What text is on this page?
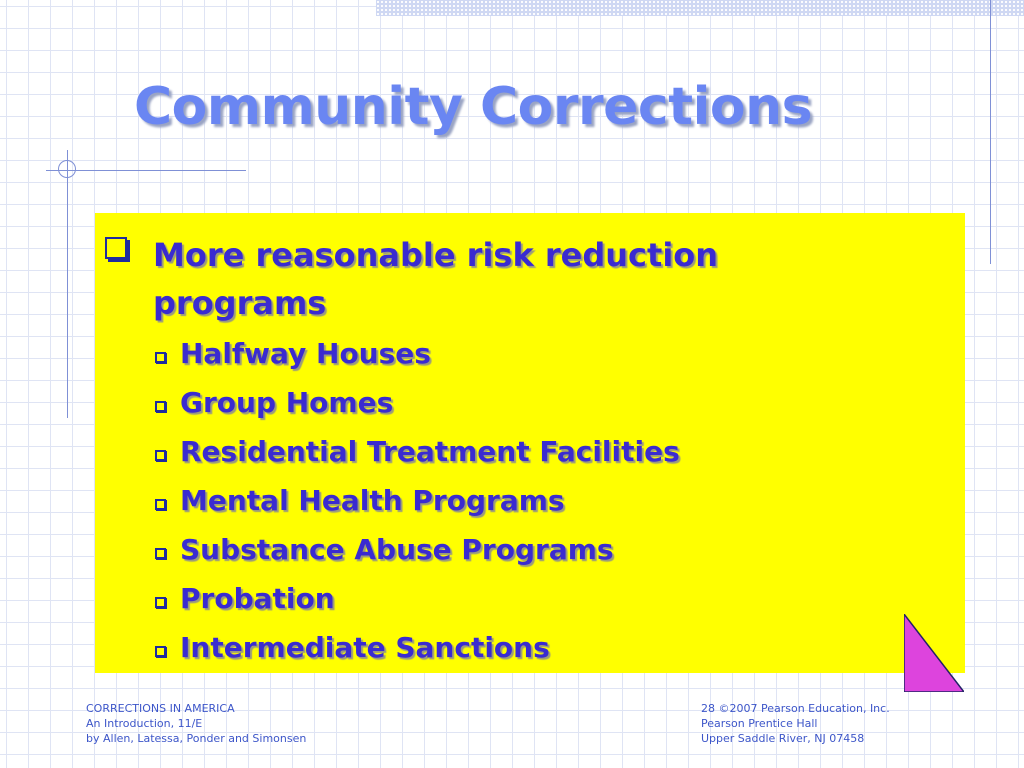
Community Corrections
More reasonable risk reduction programs
Halfway Houses
Group Homes
Residential Treatment Facilities
Mental Health Programs
Substance Abuse Programs
Probation
Intermediate Sanctions
CORRECTIONS IN AMERICA
An Introduction, 11/E
by Allen, Latessa, Ponder and Simonsen
28 ©2007 Pearson Education, Inc.
Pearson Prentice Hall
Upper Saddle River, NJ 07458
